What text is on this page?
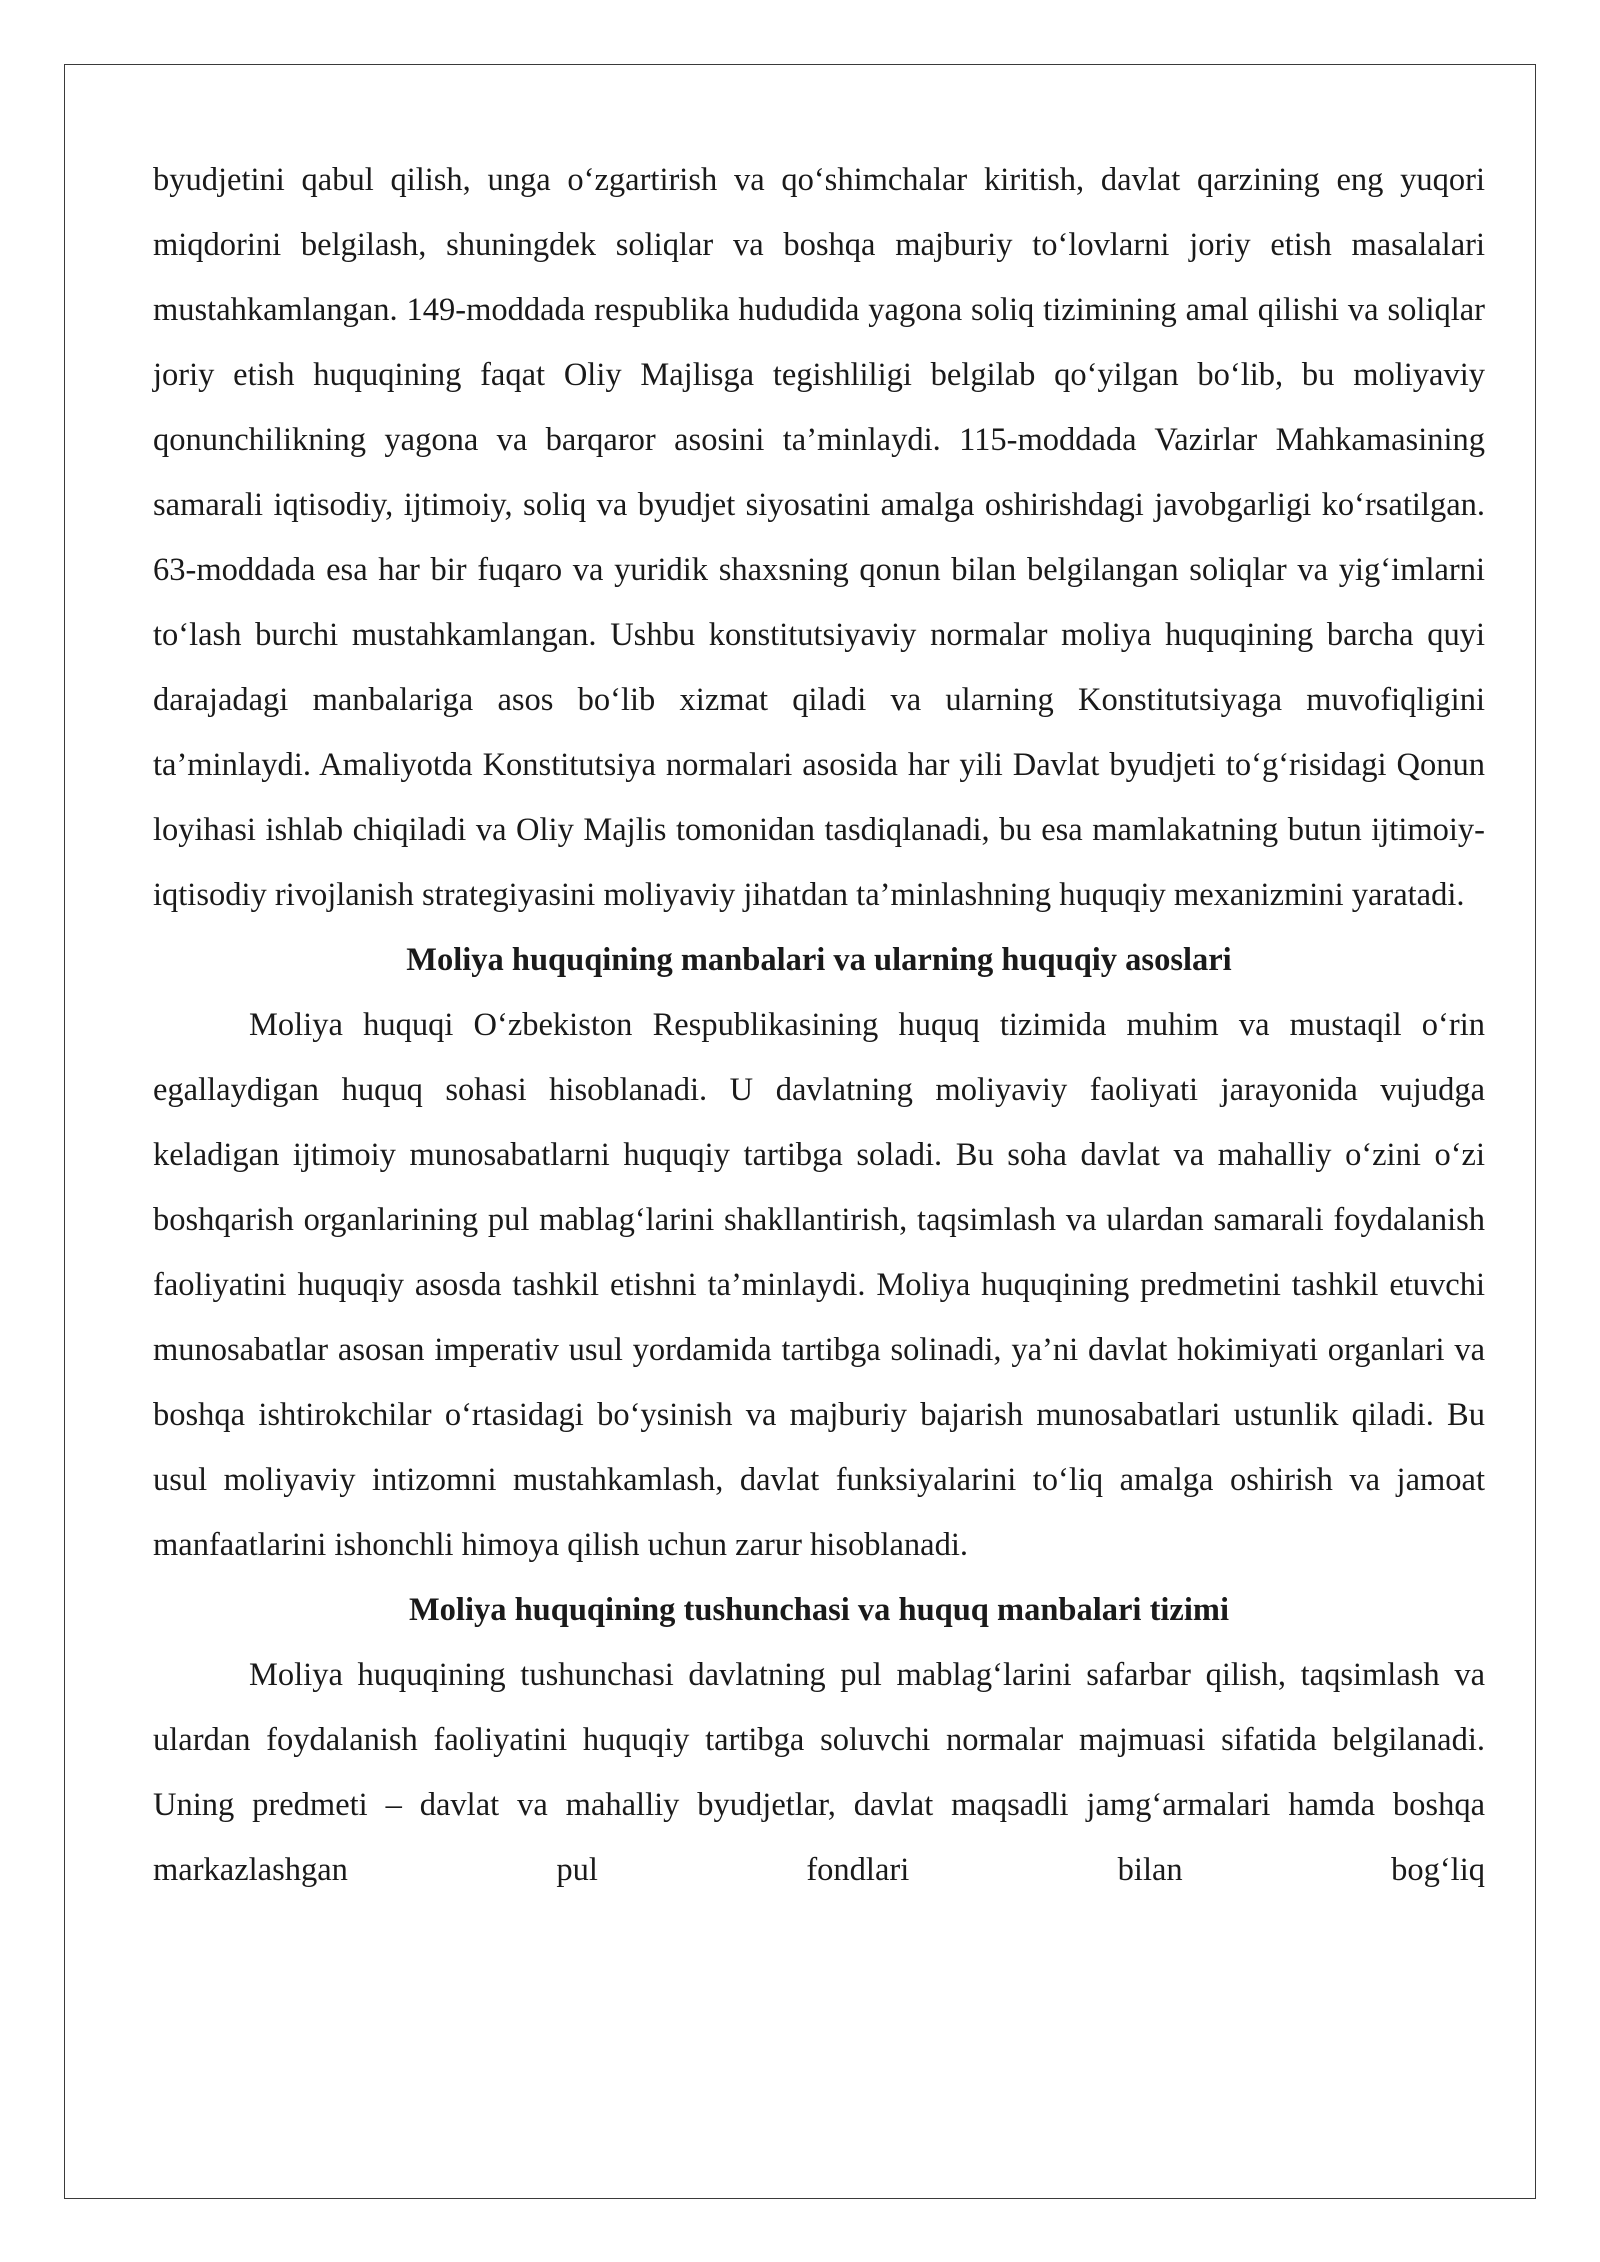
byudjetini qabul qilish, unga o‘zgartirish va qo‘shimchalar kiritish, davlat qarzining eng yuqori miqdorini belgilash, shuningdek soliqlar va boshqa majburiy to‘lovlarni joriy etish masalalari mustahkamlangan. 149-moddada respublika hududida yagona soliq tizimining amal qilishi va soliqlar joriy etish huquqining faqat Oliy Majlisga tegishliligi belgilab qo‘yilgan bo‘lib, bu moliyaviy qonunchilikning yagona va barqaror asosini ta’minlaydi. 115-moddada Vazirlar Mahkamasining samarali iqtisodiy, ijtimoiy, soliq va byudjet siyosatini amalga oshirishdagi javobgarligi ko‘rsatilgan. 63-moddada esa har bir fuqaro va yuridik shaxsning qonun bilan belgilangan soliqlar va yig‘imlarni to‘lash burchi mustahkamlangan. Ushbu konstitutsiyaviy normalar moliya huquqining barcha quyi darajadagi manbalariga asos bo‘lib xizmat qiladi va ularning Konstitutsiyaga muvofiqligini ta’minlaydi. Amaliyotda Konstitutsiya normalari asosida har yili Davlat byudjeti to‘g‘risidagi Qonun loyihasi ishlab chiqiladi va Oliy Majlis tomonidan tasdiqlanadi, bu esa mamlakatning butun ijtimoiy-iqtisodiy rivojlanish strategiyasini moliyaviy jihatdan ta’minlashning huquqiy mexanizmini yaratadi.

Moliya huquqining manbalari va ularning huquqiy asoslari

Moliya huquqi O‘zbekiston Respublikasining huquq tizimida muhim va mustaqil o‘rin egallaydigan huquq sohasi hisoblanadi. U davlatning moliyaviy faoliyati jarayonida vujudga keladigan ijtimoiy munosabatlarni huquqiy tartibga soladi. Bu soha davlat va mahalliy o‘zini o‘zi boshqarish organlarining pul mablag‘larini shakllantirish, taqsimlash va ulardan samarali foydalanish faoliyatini huquqiy asosda tashkil etishni ta’minlaydi. Moliya huquqining predmetini tashkil etuvchi munosabatlar asosan imperativ usul yordamida tartibga solinadi, ya’ni davlat hokimiyati organlari va boshqa ishtirokchilar o‘rtasidagi bo‘ysinish va majburiy bajarish munosabatlari ustunlik qiladi. Bu usul moliyaviy intizomni mustahkamlash, davlat funksiyalarini to‘liq amalga oshirish va jamoat manfaatlarini ishonchli himoya qilish uchun zarur hisoblanadi.

Moliya huquqining tushunchasi va huquq manbalari tizimi

Moliya huquqining tushunchasi davlatning pul mablag‘larini safarbar qilish, taqsimlash va ulardan foydalanish faoliyatini huquqiy tartibga soluvchi normalar majmuasi sifatida belgilanadi. Uning predmeti – davlat va mahalliy byudjetlar, davlat maqsadli jamg‘armalari hamda boshqa markazlashgan pul fondlari bilan bog‘liq
